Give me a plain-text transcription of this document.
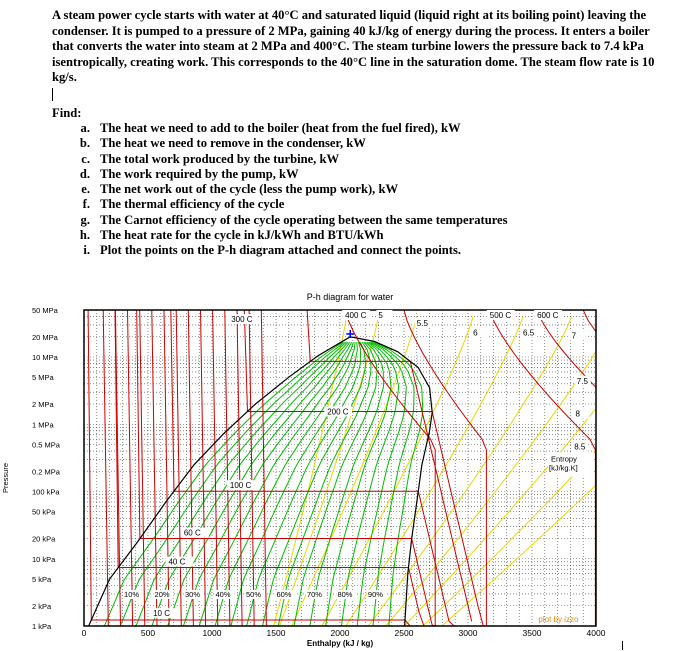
A steam power cycle starts with water at 40°C and saturated liquid (liquid right at its boiling point) leaving the condenser. It is pumped to a pressure of 2 MPa, gaining 40 kJ/kg of energy during the process. It enters a boiler that converts the water into steam at 2 MPa and 400°C. The steam turbine lowers the pressure back to 7.4 kPa isentropically, creating work. This corresponds to the 40°C line in the saturation dome. The steam flow rate is 10 kg/s.

Find:
a. The heat we need to add to the boiler (heat from the fuel fired), kW
b. The heat we need to remove in the condenser, kW
c. The total work produced by the turbine, kW
d. The work required by the pump, kW
e. The net work out of the cycle (less the pump work), kW
f. The thermal efficiency of the cycle
g. The Carnot efficiency of the cycle operating between the same temperatures
h. The heat rate for the cycle in kJ/kWh and BTU/kWh
i. Plot the points on the P-h diagram attached and connect the points.
0	500	1000	1500	2000	2500	3000	3500	4000
50 MPa
20 MPa
10 MPa
5 MPa
2 MPa
1 MPa
0.5 MPa
0.2 MPa
100 kPa
50 kPa
20 kPa
10 kPa
5 kPa
2 kPa
1 kPa
P-h diagram for water
Enthalpy (kJ / kg)
Pressure
300 C
200 C
100 C
60 C
40 C
10 C
400 C	500 C	600 C
5
5.5
6	6.5	7
7.5
8
8.5
Entropy [kJ/kg.K]
10% 20% 30% 40% 50% 60% 70% 80% 90%
plot by izzo
